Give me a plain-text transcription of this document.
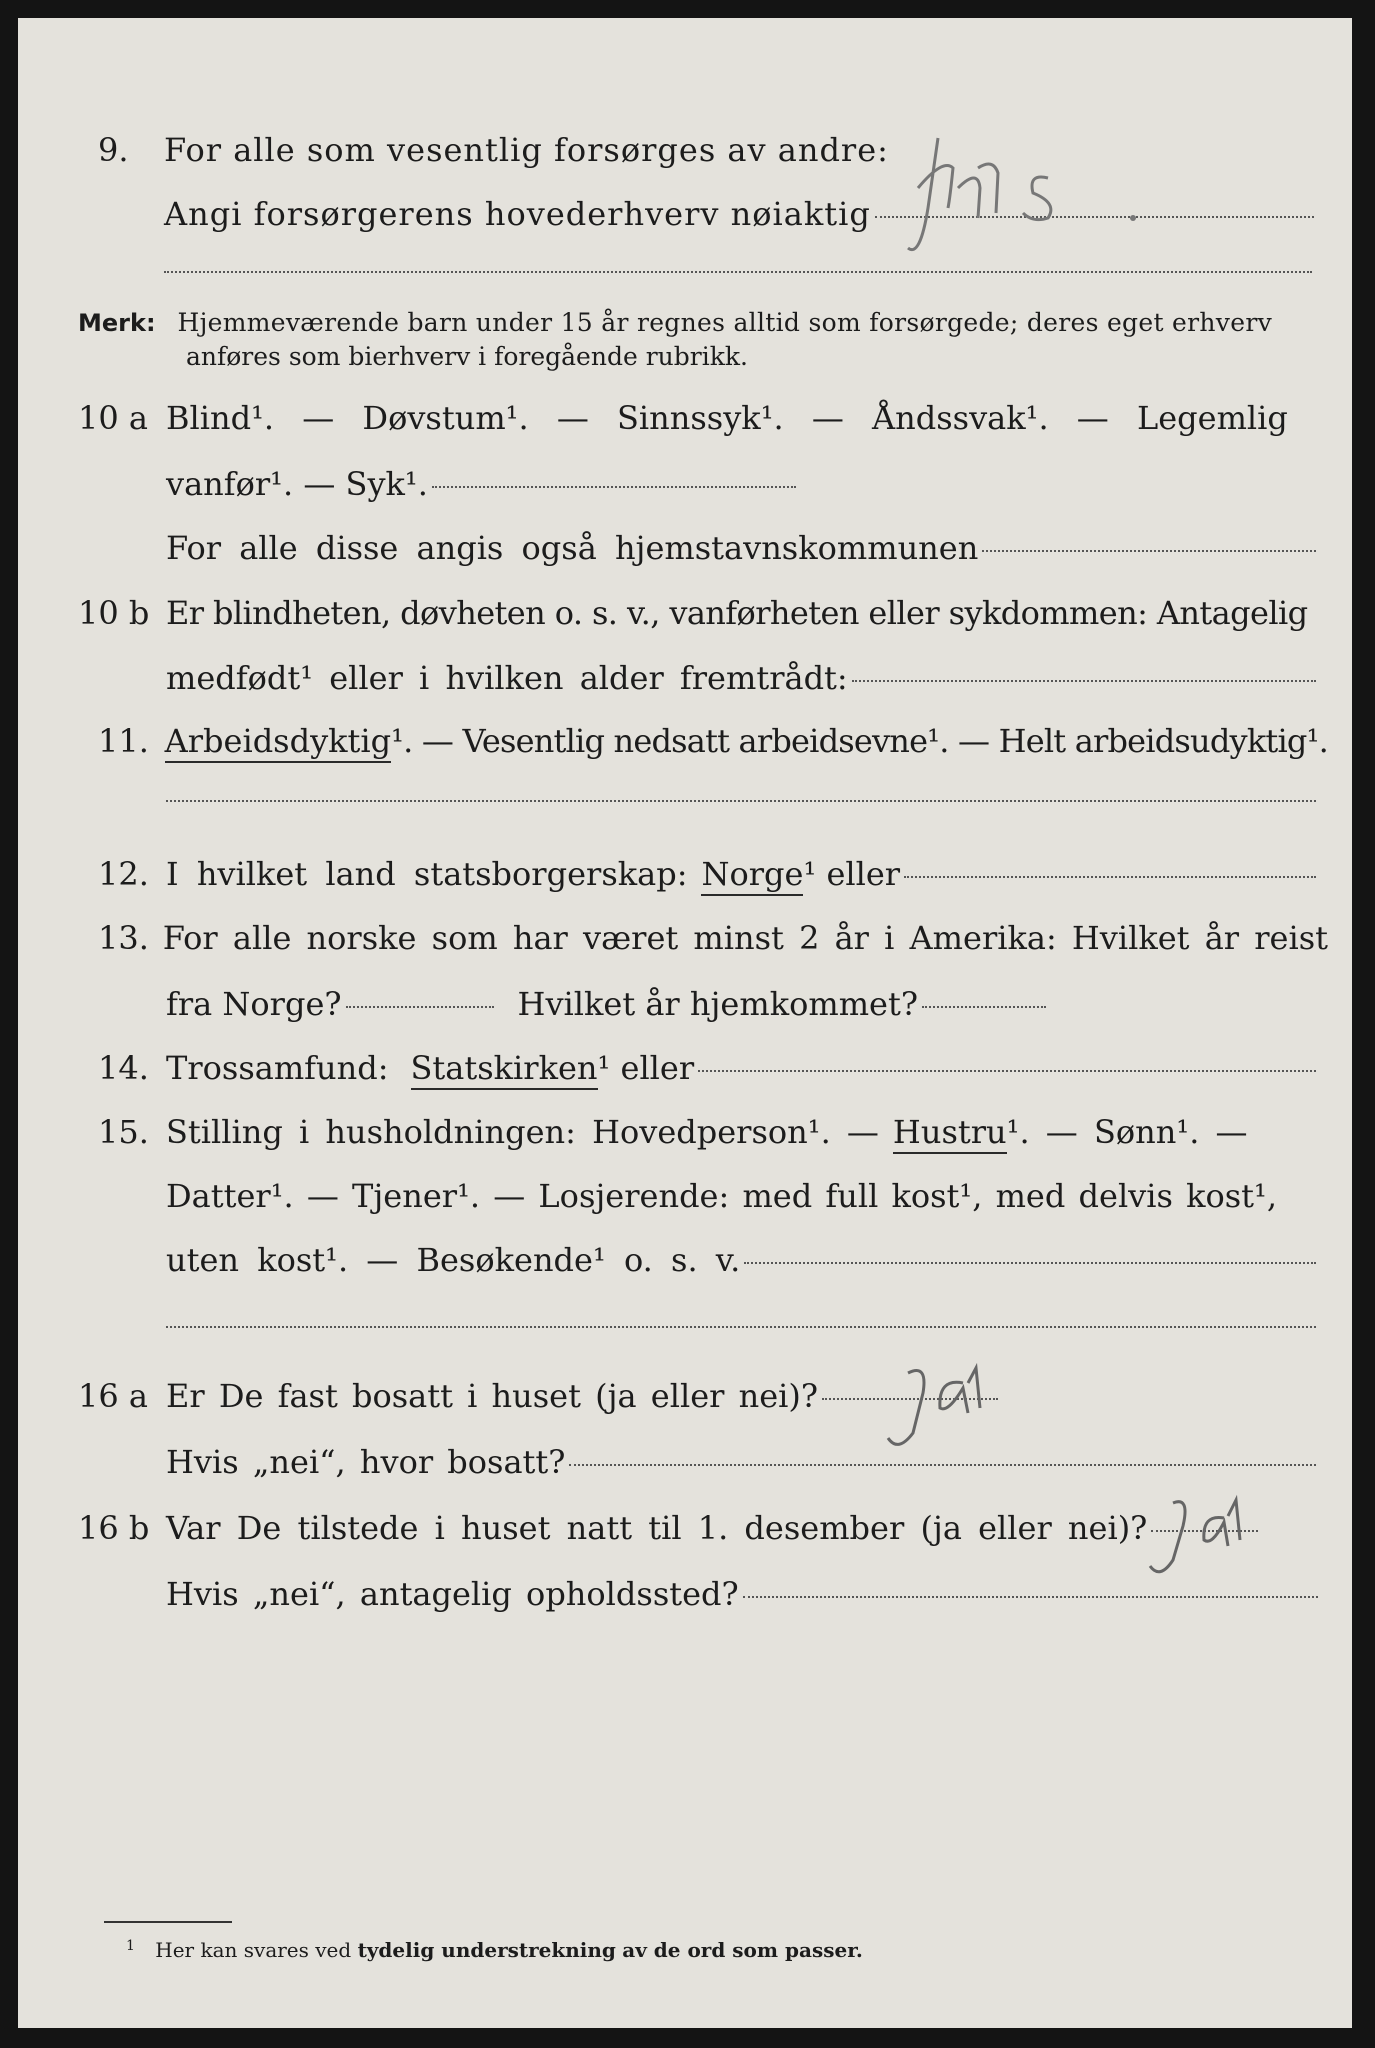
9.	For alle som vesentlig forsørges av andre:
Angi forsørgerens hovederhverv nøiaktig
Merk: Hjemmeværende barn under 15 år regnes alltid som forsørgede; deres eget erhverv
anføres som bierhverv i foregående rubrikk.
10 a Blind¹. — Døvstum¹. — Sinnssyk¹. — Åndssvak¹. — Legemlig
vanfør¹. — Syk¹.
For alle disse angis også hjemstavnskommunen
10 b Er blindheten, døvheten o. s. v., vanførheten eller sykdommen: Antagelig
medfødt¹ eller i hvilken alder fremtrådt:
11. Arbeidsdyktig ¹. — Vesentlig nedsatt arbeidsevne¹. — Helt arbeidsudyktig¹.
12. I hvilket land statsborgerskap: Norge ¹ eller
13. For alle norske som har været minst 2 år i Amerika: Hvilket år reist
fra Norge?	Hvilket år hjemkommet?
14. Trossamfund: Statskirken ¹ eller
15. Stilling i husholdningen: Hovedperson¹. — Hustru ¹. — Sønn¹. —
Datter¹. — Tjener¹. — Losjerende: med full kost¹, med delvis kost¹,
uten kost¹. — Besøkende¹ o. s. v.
16 a Er De fast bosatt i huset (ja eller nei)?
Hvis „nei“, hvor bosatt?
16 b Var De tilstede i huset natt til 1. desember (ja eller nei)?
Hvis „nei“, antagelig opholdssted?
$^1$ Her kan svares ved tydelig understrekning av de ord som passer.
